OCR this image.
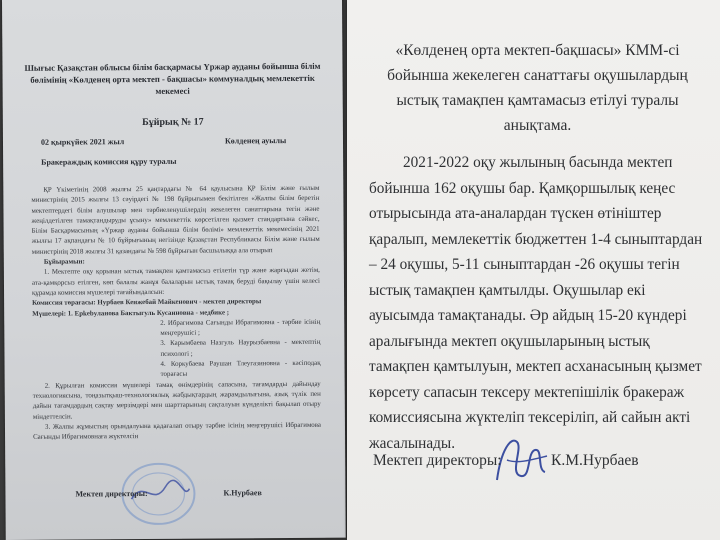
Шығыс Қазақстан облысы білім басқармасы Үржар ауданы бойынша білім бөлімінің «Көлденең орта мектеп - бақшасы» коммуналдық мемлекеттік мекемесі

Бұйрық № 17

02 қыркүйек 2021 жыл	Көлденең ауылы

Бракераждық комиссия құру туралы

ҚР Үкіметінің 2008 жылғы 25 қаңтардағы № 64 қаулысына ҚР Білім және ғылым министрінің 2015 жылғы 13 сәуірдегі № 198 бұйрығымен бекітілген «Жалпы білім беретін мектептердегі білім алушылар мен тәрбиеленушілердің жекелеген санаттарына тегін және жеңілдетілген тамақтандыруды ұсыну» мемлекеттік көрсетілген қызмет стандартына сәйкес, Білім Басқармасының «Үржар ауданы бойынша білім бөлімі» мемлекеттік мекемесінің 2021 жылғы 17 ақпандағы № 10 бұйрығының негізінде Қазақстан Республикасы Білім және ғылым министрінің 2018 жылғы 31 қазандағы № 598 бұйрығын басшылыққа ала отырып

Бұйырамын:

1. Мектепте оқу қорынан ыстық тамақпен қамтамасыз етілетін түр және жарғыдан жетім, ата-қамқорсыз етілген, көп балалы жанұя балаларын ыстық тамақ беруді бақылау үшін келесі құрамда комиссия мүшелері тағайындалсын:

Комиссия төрағасы: Нурбаев Кенжебай Майкенович - мектеп директоры

Мүшелері: 1. Ерkebуланова Бактыгуль Кусаиновна - медбике ;

2. Ибрагимова Сағынды Ибрагимовна - тәрбие ісінің меңгерушісі ;

3. Карымбаева Назгуль Наурызбаевна - мектептің психологі ;

4. Коркубаева Раушан Тлеугазиновна - кәсіподақ торағасы

2. Құрылған комиссия мүшелері тамақ өнімдерінің сапасына, тағамдарды дайындау технологиясына, тоңазытқыш-технологиялық жабдықтардың жарамдылығына, азық түлік пен дайын тағамдардың сақтау мерзімдері мен шарттарының сақталуын күнделікті бақылап отыру міндеттелсін.

3. Жалпы жұмыстың орындалуына қадағалап отыру тәрбие ісінің меңгерушісі Ибрагимова Сағынды Ибрагимовнаға жүктелсін

Мектеп директоры:	К.Нурбаев

«Көлденең орта мектеп-бақшасы» КММ-сі бойынша жекелеген санаттағы оқушылардың ыстық тамақпен қамтамасыз етілуі туралы анықтама.

2021-2022 оқу жылының басында мектеп бойынша 162 оқушы бар. Қамқоршылық кеңес отырысында ата-аналардан түскен өтініштер қаралып, мемлекеттік бюджеттен 1-4 сыныптардан – 24 оқушы, 5-11 сыныптардан -26 оқушы тегін ыстық тамақпен қамтылды. Оқушылар екі ауысымда тамақтанады. Әр айдың 15-20 күндері аралығында мектеп оқушыларының ыстық тамақпен қамтылуын, мектеп асханасының қызмет көрсету сапасын тексеру мектепішілік бракераж комиссиясына жүктеліп тексеріліп, ай сайын акті жасалынады.

Мектеп директоры:	К.М.Нурбаев
